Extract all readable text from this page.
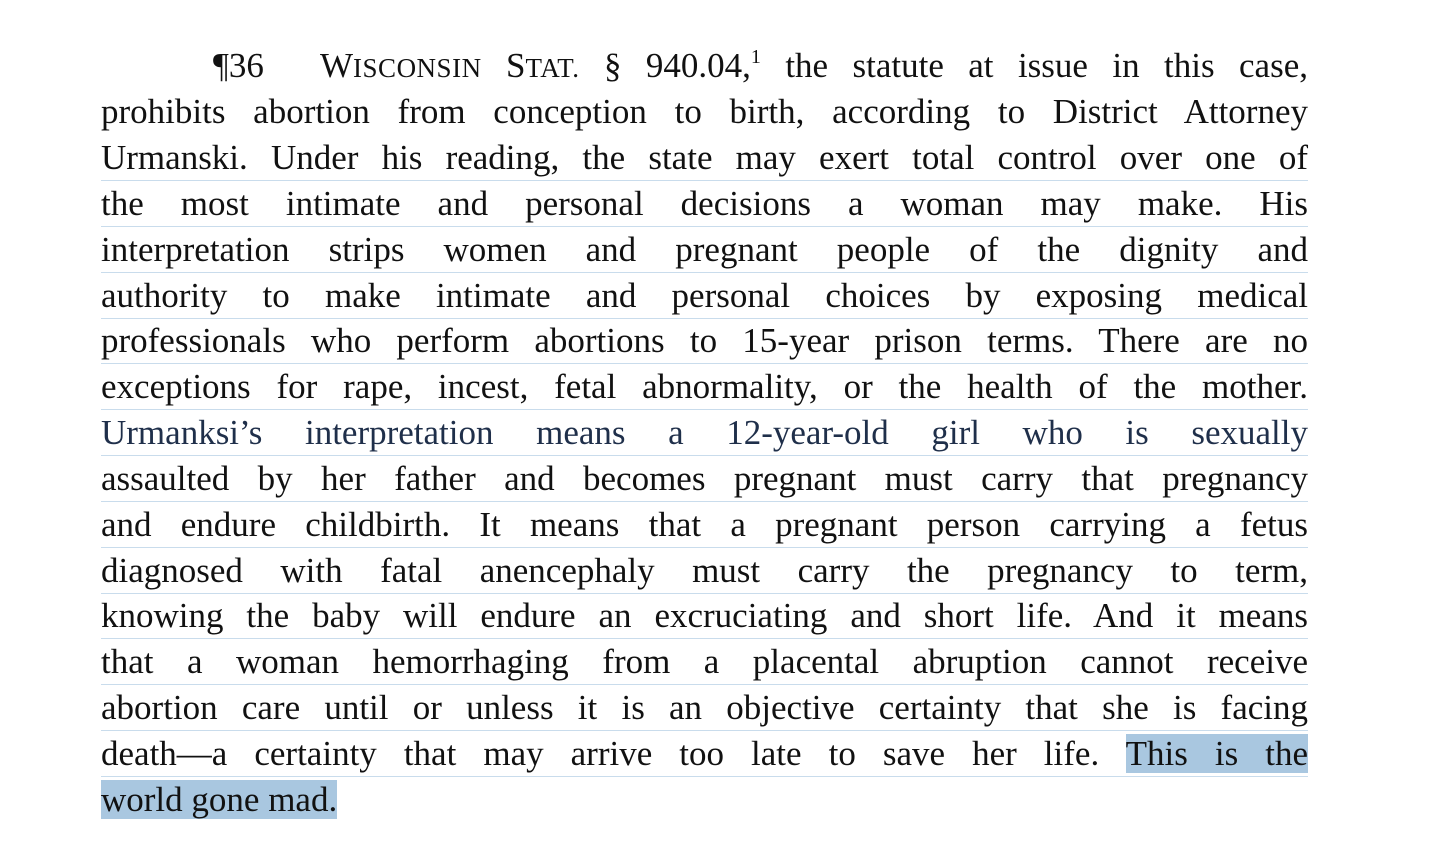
¶36 WISCONSIN STAT. § 940.04,$^1$ the statute at issue in this case,
prohibits abortion from conception to birth, according to District Attorney
Urmanski. Under his reading, the state may exert total control over one of
the most intimate and personal decisions a woman may make. His
interpretation strips women and pregnant people of the dignity and
authority to make intimate and personal choices by exposing medical
professionals who perform abortions to 15-year prison terms. There are no
exceptions for rape, incest, fetal abnormality, or the health of the mother.
Urmanksi’s interpretation means a 12-year-old girl who is sexually
assaulted by her father and becomes pregnant must carry that pregnancy
and endure childbirth. It means that a pregnant person carrying a fetus
diagnosed with fatal anencephaly must carry the pregnancy to term,
knowing the baby will endure an excruciating and short life. And it means
that a woman hemorrhaging from a placental abruption cannot receive
abortion care until or unless it is an objective certainty that she is facing
death—a certainty that may arrive too late to save her life. This is the
world gone mad.
